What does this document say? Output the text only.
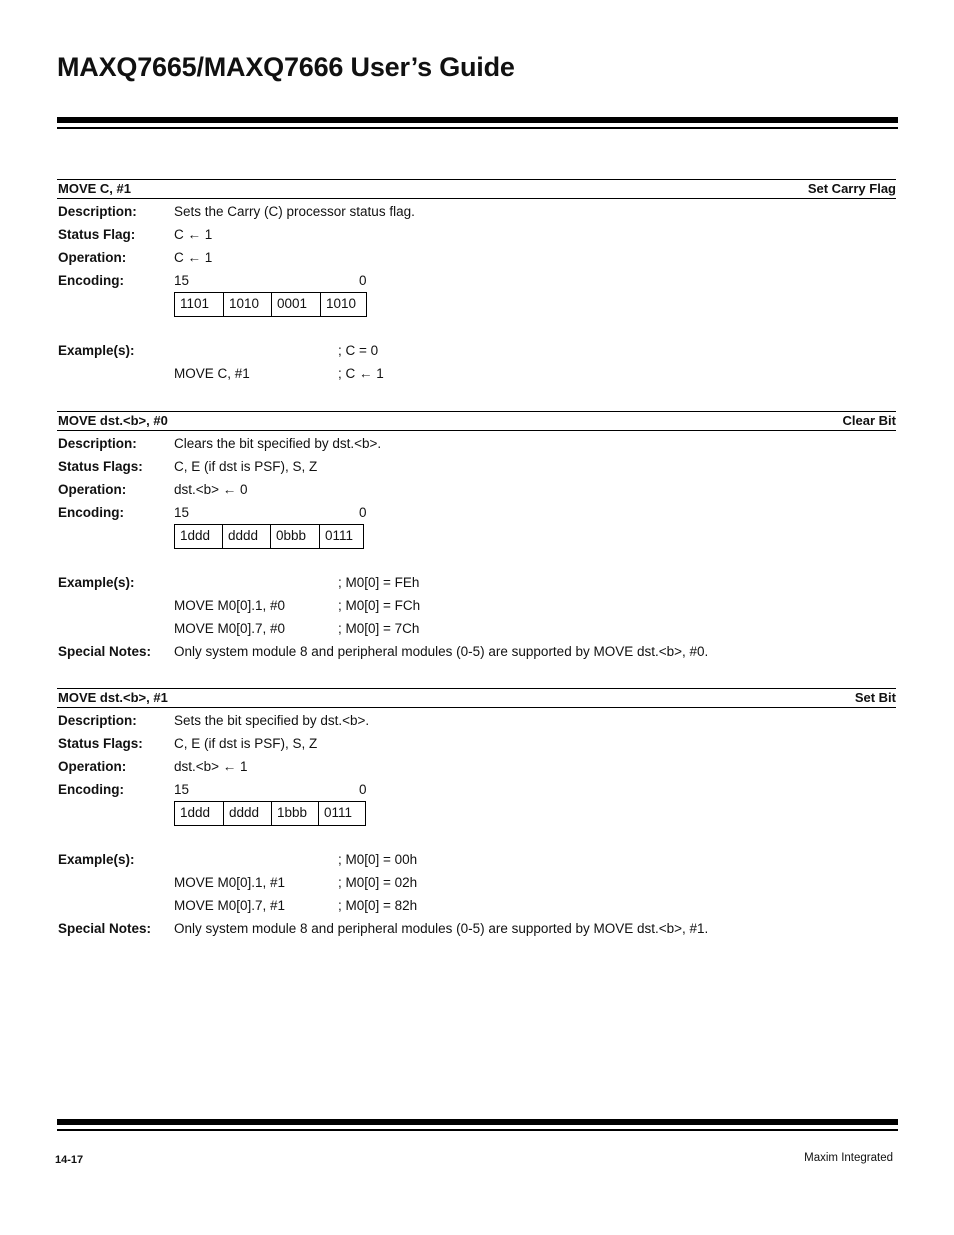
MAXQ7665/MAXQ7666 User’s Guide
MOVE C, #1	Set Carry Flag
Description:	Sets the Carry (C) processor status flag.
Status Flag:	C ← 1
Operation:	C ← 1
Encoding:	15	0
1101	1010	0001	1010
Example(s):	; C = 0
MOVE C, #1	; C ← 1
MOVE dst.<b>, #0	Clear Bit
Description:	Clears the bit specified by dst.<b>.
Status Flags: C, E (if dst is PSF), S, Z
Operation:	dst.<b> ← 0
Encoding:	15	0
1ddd	dddd	0bbb	0111
Example(s):	; M0[0] = FEh
MOVE M0[0].1, #0	; M0[0] = FCh
MOVE M0[0].7, #0	; M0[0] = 7Ch
Special Notes: Only system module 8 and peripheral modules (0-5) are supported by MOVE dst.<b>, #0.
MOVE dst.<b>, #1	Set Bit
Description:	Sets the bit specified by dst.<b>.
Status Flags: C, E (if dst is PSF), S, Z
Operation:	dst.<b> ← 1
Encoding:	15	0
1ddd	dddd	1bbb	0111
Example(s):	; M0[0] = 00h
MOVE M0[0].1, #1	; M0[0] = 02h
MOVE M0[0].7, #1	; M0[0] = 82h
Special Notes: Only system module 8 and peripheral modules (0-5) are supported by MOVE dst.<b>, #1.
14-17	Maxim Integrated
